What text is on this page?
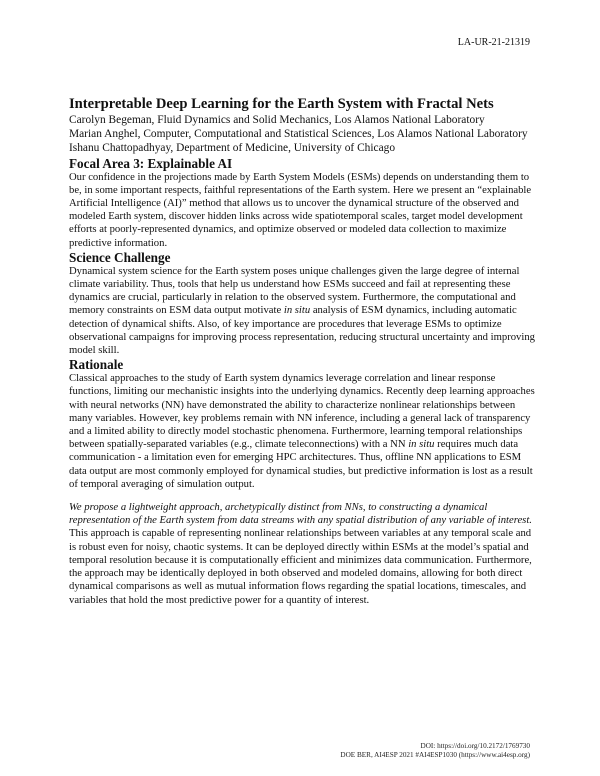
LA-UR-21-21319
Interpretable Deep Learning for the Earth System with Fractal Nets
Carolyn Begeman, Fluid Dynamics and Solid Mechanics, Los Alamos National Laboratory
Marian Anghel, Computer, Computational and Statistical Sciences, Los Alamos National Laboratory
Ishanu Chattopadhyay, Department of Medicine, University of Chicago
Focal Area 3: Explainable AI

Our confidence in the projections made by Earth System Models (ESMs) depends on understanding them to be, in some important respects, faithful representations of the Earth system. Here we present an “explainable Artificial Intelligence (AI)” method that allows us to uncover the dynamical structure of the observed and modeled Earth system, discover hidden links across wide spatiotemporal scales, target model development efforts at poorly-represented dynamics, and optimize observed or modeled data collection to maximize predictive information.

Science Challenge

Dynamical system science for the Earth system poses unique challenges given the large degree of internal climate variability. Thus, tools that help us understand how ESMs succeed and fail at representing these dynamics are crucial, particularly in relation to the observed system. Furthermore, the computational and memory constraints on ESM data output motivate in situ analysis of ESM dynamics, including automatic detection of dynamical shifts. Also, of key importance are procedures that leverage ESMs to optimize observational campaigns for improving process representation, reducing structural uncertainty and improving model skill.

Rationale

Classical approaches to the study of Earth system dynamics leverage correlation and linear response functions, limiting our mechanistic insights into the underlying dynamics. Recently deep learning approaches with neural networks (NN) have demonstrated the ability to characterize nonlinear relationships between many variables. However, key problems remain with NN inference, including a general lack of transparency and a limited ability to directly model stochastic phenomena. Furthermore, learning temporal relationships between spatially-separated variables (e.g., climate teleconnections) with a NN in situ requires much data communication - a limitation even for emerging HPC architectures. Thus, offline NN applications to ESM data output are most commonly employed for dynamical studies, but predictive information is lost as a result of temporal averaging of simulation output.

We propose a lightweight approach, archetypically distinct from NNs, to constructing a dynamical representation of the Earth system from data streams with any spatial distribution of any variable of interest. This approach is capable of representing nonlinear relationships between variables at any temporal scale and is robust even for noisy, chaotic systems. It can be deployed directly within ESMs at the model’s spatial and temporal resolution because it is computationally efficient and minimizes data communication. Furthermore, the approach may be identically deployed in both observed and modeled domains, allowing for both direct dynamical comparisons as well as mutual information flows regarding the spatial locations, timescales, and variables that hold the most predictive power for a quantity of interest.

DOI: https://doi.org/10.2172/1769730
DOE BER, AI4ESP 2021 #AI4ESP1030 (https://www.ai4esp.org)
